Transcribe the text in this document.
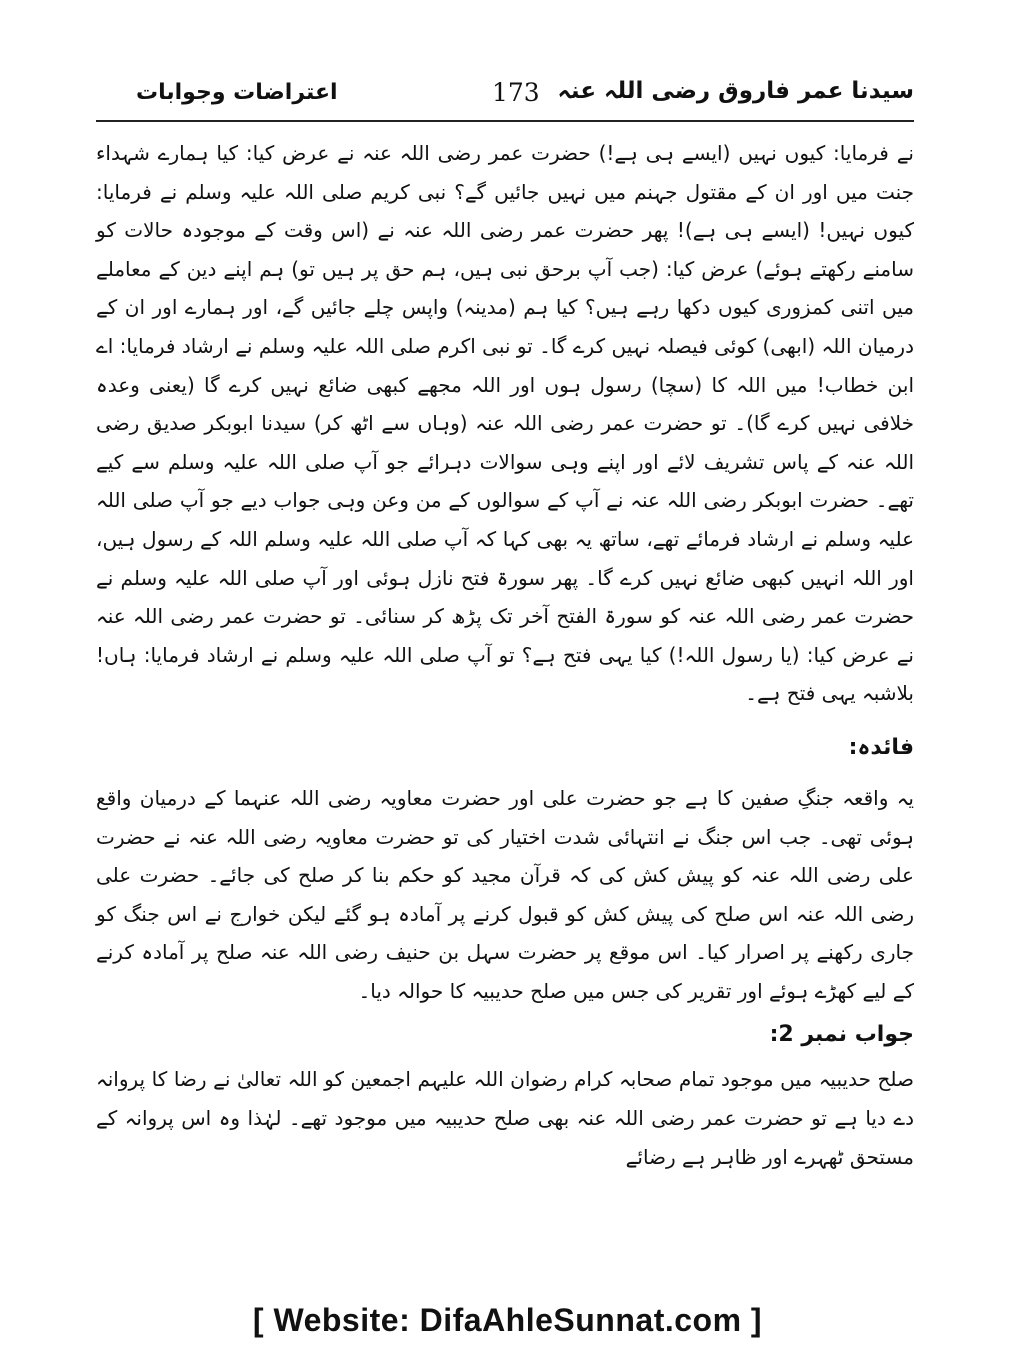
سیدنا عمر فاروق رضی اللہ عنہ
173
اعتراضات وجوابات

نے فرمایا: کیوں نہیں (ایسے ہی ہے!) حضرت عمر رضی اللہ عنہ نے عرض کیا: کیا ہمارے شہداء جنت میں اور ان کے مقتول جہنم میں نہیں جائیں گے؟ نبی کریم صلی اللہ علیہ وسلم نے فرمایا: کیوں نہیں! (ایسے ہی ہے)! پھر حضرت عمر رضی اللہ عنہ نے (اس وقت کے موجودہ حالات کو سامنے رکھتے ہوئے) عرض کیا: (جب آپ برحق نبی ہیں، ہم حق پر ہیں تو) ہم اپنے دین کے معاملے میں اتنی کمزوری کیوں دکھا رہے ہیں؟ کیا ہم (مدینہ) واپس چلے جائیں گے، اور ہمارے اور ان کے درمیان اللہ (ابھی) کوئی فیصلہ نہیں کرے گا۔ تو نبی اکرم صلی اللہ علیہ وسلم نے ارشاد فرمایا: اے ابن خطاب! میں اللہ کا (سچا) رسول ہوں اور اللہ مجھے کبھی ضائع نہیں کرے گا (یعنی وعدہ خلافی نہیں کرے گا)۔ تو حضرت عمر رضی اللہ عنہ (وہاں سے اٹھ کر) سیدنا ابوبکر صدیق رضی اللہ عنہ کے پاس تشریف لائے اور اپنے وہی سوالات دہرائے جو آپ صلی اللہ علیہ وسلم سے کیے تھے۔ حضرت ابوبکر رضی اللہ عنہ نے آپ کے سوالوں کے من وعن وہی جواب دیے جو آپ صلی اللہ علیہ وسلم نے ارشاد فرمائے تھے، ساتھ یہ بھی کہا کہ آپ صلی اللہ علیہ وسلم اللہ کے رسول ہیں، اور اللہ انہیں کبھی ضائع نہیں کرے گا۔ پھر سورۃ فتح نازل ہوئی اور آپ صلی اللہ علیہ وسلم نے حضرت عمر رضی اللہ عنہ کو سورۃ الفتح آخر تک پڑھ کر سنائی۔ تو حضرت عمر رضی اللہ عنہ نے عرض کیا: (یا رسول اللہ!) کیا یہی فتح ہے؟ تو آپ صلی اللہ علیہ وسلم نے ارشاد فرمایا: ہاں! بلاشبہ یہی فتح ہے۔

فائدہ:

یہ واقعہ جنگِ صفین کا ہے جو حضرت علی اور حضرت معاویہ رضی اللہ عنہما کے درمیان واقع ہوئی تھی۔ جب اس جنگ نے انتہائی شدت اختیار کی تو حضرت معاویہ رضی اللہ عنہ نے حضرت علی رضی اللہ عنہ کو پیش کش کی کہ قرآن مجید کو حکم بنا کر صلح کی جائے۔ حضرت علی رضی اللہ عنہ اس صلح کی پیش کش کو قبول کرنے پر آمادہ ہو گئے لیکن خوارج نے اس جنگ کو جاری رکھنے پر اصرار کیا۔ اس موقع پر حضرت سہل بن حنیف رضی اللہ عنہ صلح پر آمادہ کرنے کے لیے کھڑے ہوئے اور تقریر کی جس میں صلح حدیبیہ کا حوالہ دیا۔

جواب نمبر 2:

صلح حدیبیہ میں موجود تمام صحابہ کرام رضوان اللہ علیہم اجمعین کو اللہ تعالیٰ نے رضا کا پروانہ دے دیا ہے تو حضرت عمر رضی اللہ عنہ بھی صلح حدیبیہ میں موجود تھے۔ لہٰذا وہ اس پروانہ کے مستحق ٹھہرے اور ظاہر ہے رضائے

[ Website: DifaAhleSunnat.com ]
